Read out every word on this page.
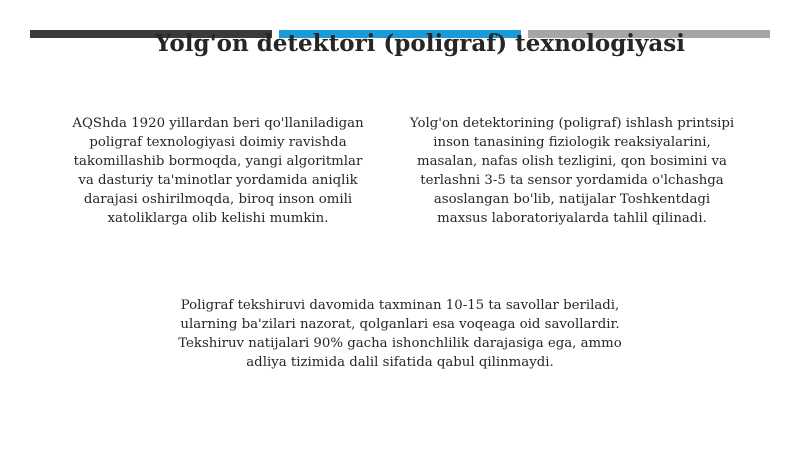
Yolg'on detektori (poligraf) texnologiyasi
AQShda 1920 yillardan beri qo'llaniladigan
poligraf texnologiyasi doimiy ravishda
takomillashib bormoqda, yangi algoritmlar
va dasturiy ta'minotlar yordamida aniqlik
darajasi oshirilmoqda, biroq inson omili
xatoliklarga olib kelishi mumkin.
Yolg'on detektorining (poligraf) ishlash printsipi
inson tanasining fiziologik reaksiyalarini,
masalan, nafas olish tezligini, qon bosimini va
terlashni 3-5 ta sensor yordamida o'lchashga
asoslangan bo'lib, natijalar Toshkentdagi
maxsus laboratoriyalarda tahlil qilinadi.
Poligraf tekshiruvi davomida taxminan 10-15 ta savollar beriladi,
ularning ba'zilari nazorat, qolganlari esa voqeaga oid savollardir.
Tekshiruv natijalari 90% gacha ishonchlilik darajasiga ega, ammo
adliya tizimida dalil sifatida qabul qilinmaydi.
